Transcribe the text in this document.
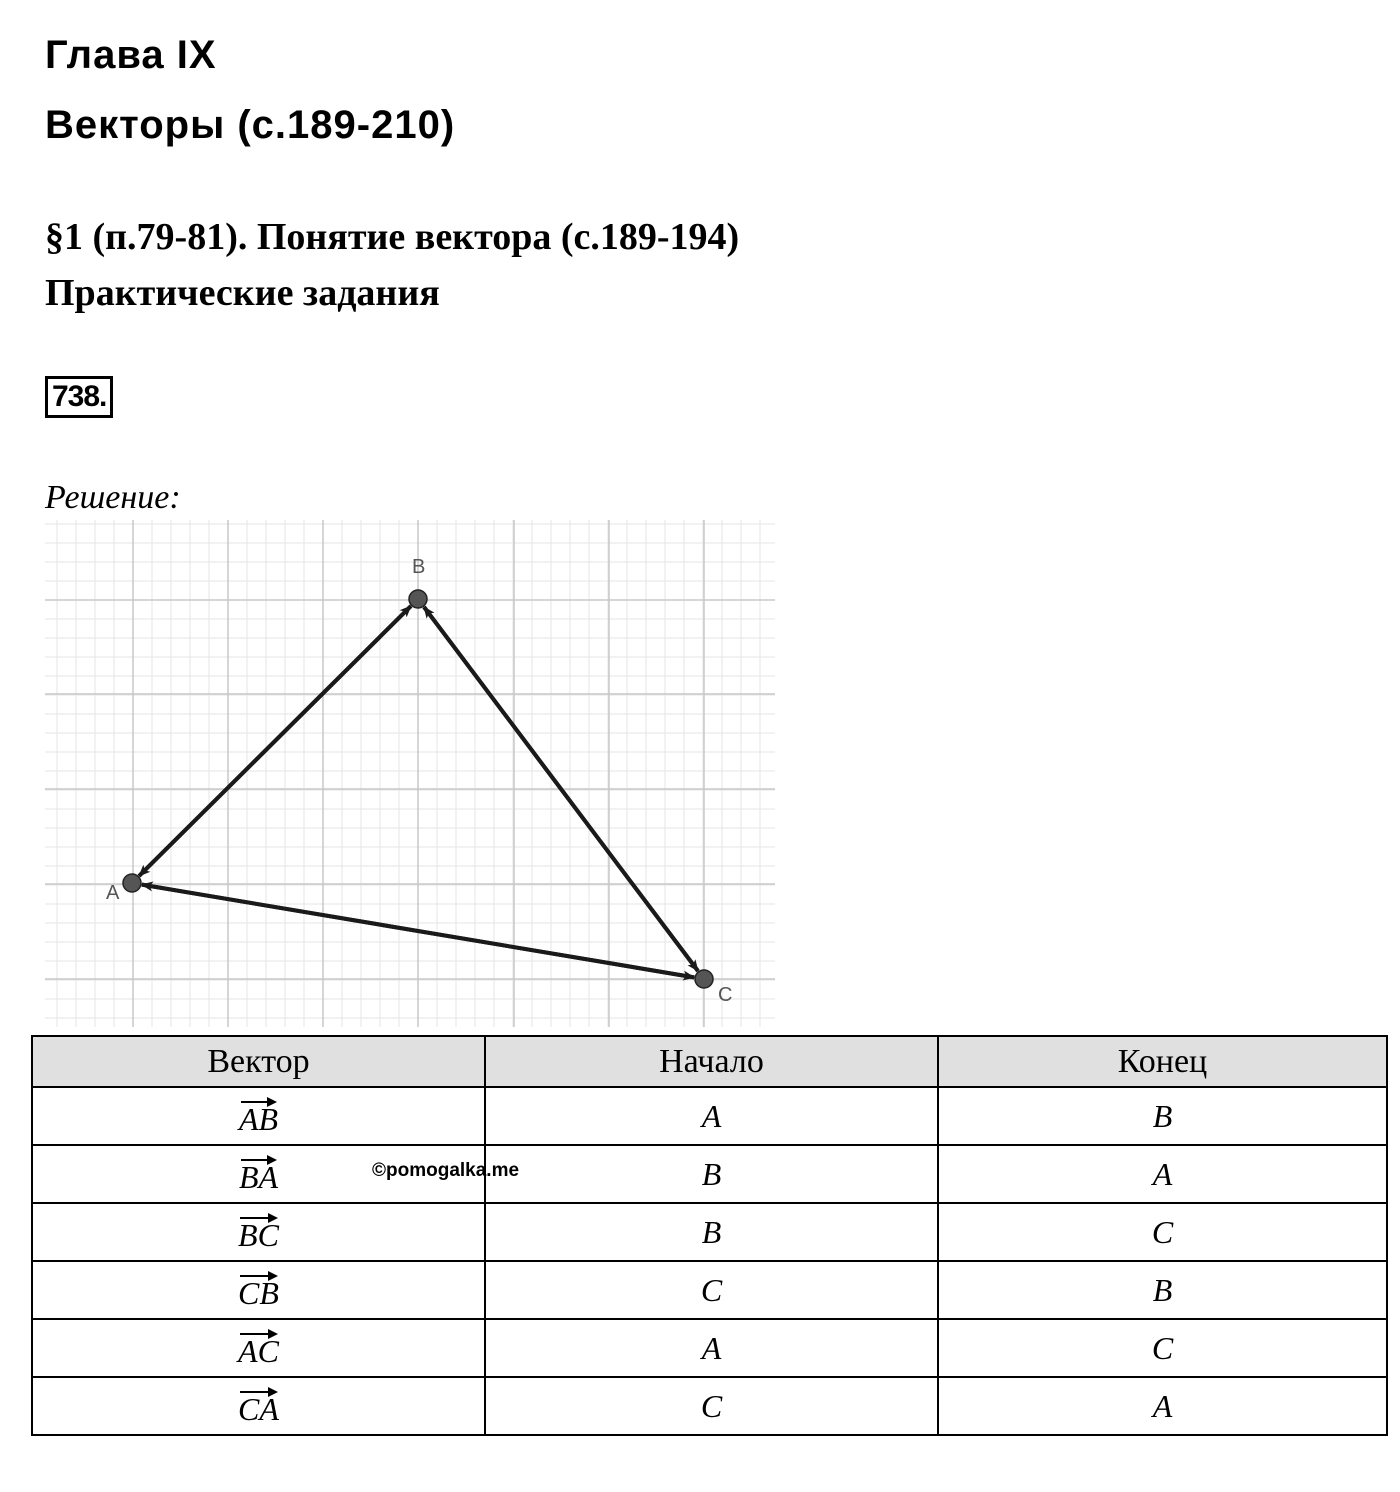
Глава IX
Векторы (с.189-210)
§1 (п.79-81). Понятие вектора (с.189-194)
Практические задания
738.
Решение:
A
B
C
Вектор	Начало	Конец
AB	A	B
BA	B	A
BC	B	C
CB	C	B
AC	A	C
CA	C	A
©pomogalka.me
